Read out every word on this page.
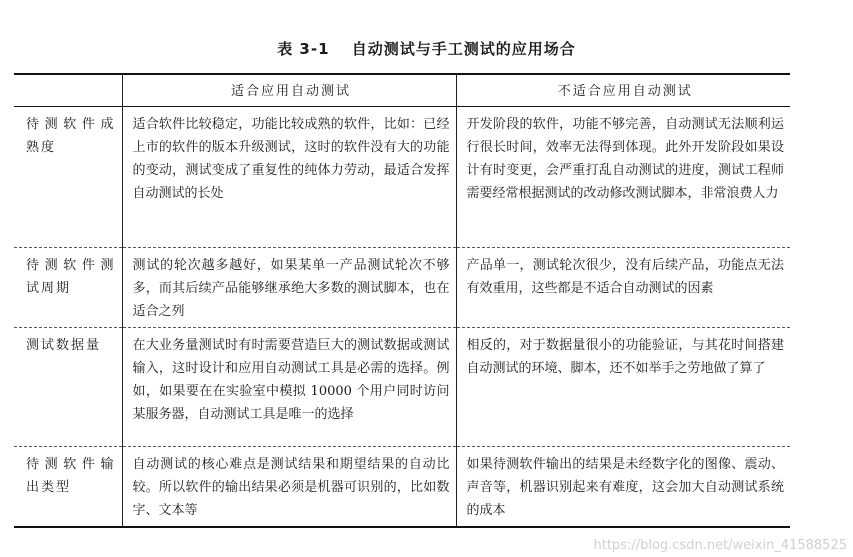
表 3-1 自动测试与手工测试的应用场合
	适合应用自动测试	不适合应用自动测试
待测软件成熟度	适合软件比较稳定，功能比较成熟的软件，比如：已经上市的软件的版本升级测试，这时的软件没有大的功能的变动，测试变成了重复性的纯体力劳动，最适合发挥自动测试的长处	开发阶段的软件，功能不够完善，自动测试无法顺利运行很长时间，效率无法得到体现。此外开发阶段如果设计有时变更，会严重打乱自动测试的进度，测试工程师需要经常根据测试的改动修改测试脚本，非常浪费人力
待测软件测试周期	测试的轮次越多越好，如果某单一产品测试轮次不够多，而其后续产品能够继承绝大多数的测试脚本，也在适合之列	产品单一，测试轮次很少，没有后续产品，功能点无法有效重用，这些都是不适合自动测试的因素
测试数据量	在大业务量测试时有时需要营造巨大的测试数据或测试输入，这时设计和应用自动测试工具是必需的选择。例如，如果要在在实验室中模拟 10000 个用户同时访问某服务器，自动测试工具是唯一的选择	相反的，对于数据量很小的功能验证，与其花时间搭建自动测试的环境、脚本，还不如举手之劳地做了算了
待测软件输出类型	自动测试的核心难点是测试结果和期望结果的自动比较。所以软件的输出结果必须是机器可识别的，比如数字、文本等	如果待测软件输出的结果是未经数字化的图像、震动、声音等，机器识别起来有难度，这会加大自动测试系统的成本
https://blog.csdn.net/weixin_41588525
